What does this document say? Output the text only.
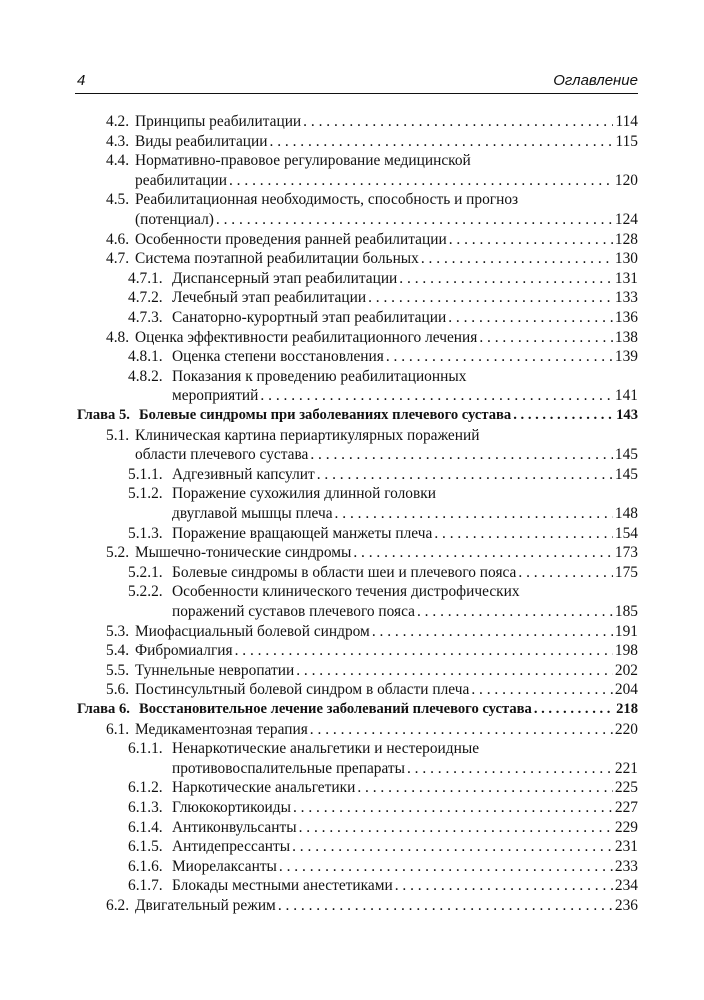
4	Оглавление
4.2. Принципы реабилитации . . .	114
4.3. Виды реабилитации . . .	115
4.4. Нормативно-правовое регулирование медицинской
реабилитации . . .	120
4.5. Реабилитационная необходимость, способность и прогноз
(потенциал) . . .	124
4.6. Особенности проведения ранней реабилитации . . .	128
4.7. Система поэтапной реабилитации больных . . .	130
4.7.1. Диспансерный этап реабилитации . . .	131
4.7.2. Лечебный этап реабилитации . . .	133
4.7.3. Санаторно-курортный этап реабилитации . . .	136
4.8. Оценка эффективности реабилитационного лечения . . .	138
4.8.1. Оценка степени восстановления . . .	139
4.8.2. Показания к проведению реабилитационных
мероприятий . . .	141
Глава 5. Болевые синдромы при заболеваниях плечевого сустава . . .	143
5.1. Клиническая картина периартикулярных поражений
области плечевого сустава . . .	145
5.1.1. Адгезивный капсулит . . .	145
5.1.2. Поражение сухожилия длинной головки
двуглавой мышцы плеча . . .	148
5.1.3. Поражение вращающей манжеты плеча . . .	154
5.2. Мышечно-тонические синдромы . . .	173
5.2.1. Болевые синдромы в области шеи и плечевого пояса . . .	175
5.2.2. Особенности клинического течения дистрофических
поражений суставов плечевого пояса . . .	185
5.3. Миофасциальный болевой синдром . . .	191
5.4. Фибромиалгия . . .	198
5.5. Туннельные невропатии . . .	202
5.6. Постинсультный болевой синдром в области плеча . . .	204
Глава 6. Восстановительное лечение заболеваний плечевого сустава . . .	218
6.1. Медикаментозная терапия . . .	220
6.1.1. Ненаркотические анальгетики и нестероидные
противовоспалительные препараты . . .	221
6.1.2. Наркотические анальгетики . . .	225
6.1.3. Глюкокортикоиды . . .	227
6.1.4. Антиконвульсанты . . .	229
6.1.5. Антидепрессанты . . .	231
6.1.6. Миорелаксанты . . .	233
6.1.7. Блокады местными анестетиками . . .	234
6.2. Двигательный режим . . .	236
